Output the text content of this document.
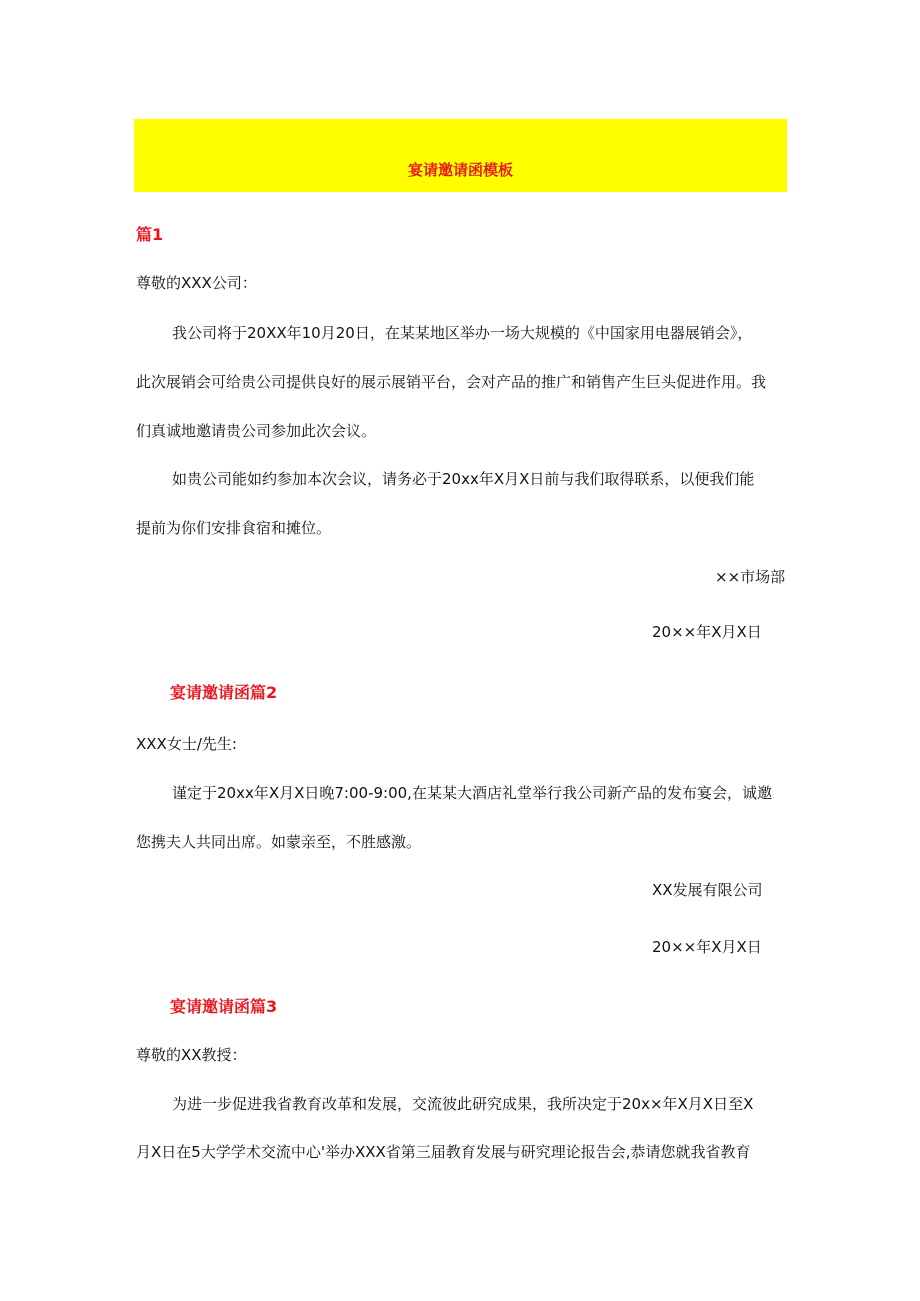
宴请邀请函模板
篇1
尊敬的XXX公司：
我公司将于20XX年10月20日，在某某地区举办一场大规模的《中国家用电器展销会》，
此次展销会可给贵公司提供良好的展示展销平台，会对产品的推广和销售产生巨头促进作用。我
们真诚地邀请贵公司参加此次会议。
如贵公司能如约参加本次会议，请务必于20xx年X月X日前与我们取得联系，以便我们能
提前为你们安排食宿和摊位。
××市场部
20××年X月X日
宴请邀请函篇2
XXX女士/先生:
谨定于20xx年X月X日晚7:00-9:00,在某某大酒店礼堂举行我公司新产品的发布宴会，诚邀
您携夫人共同出席。如蒙亲至，不胜感激。
XX发展有限公司
20××年X月X日
宴请邀请函篇3
尊敬的XX教授：
为进一步促进我省教育改革和发展，交流彼此研究成果，我所决定于20x×年X月X日至X
月X日在5大学学术交流中心'举办XXX省第三届教育发展与研究理论报告会,恭请您就我省教育
